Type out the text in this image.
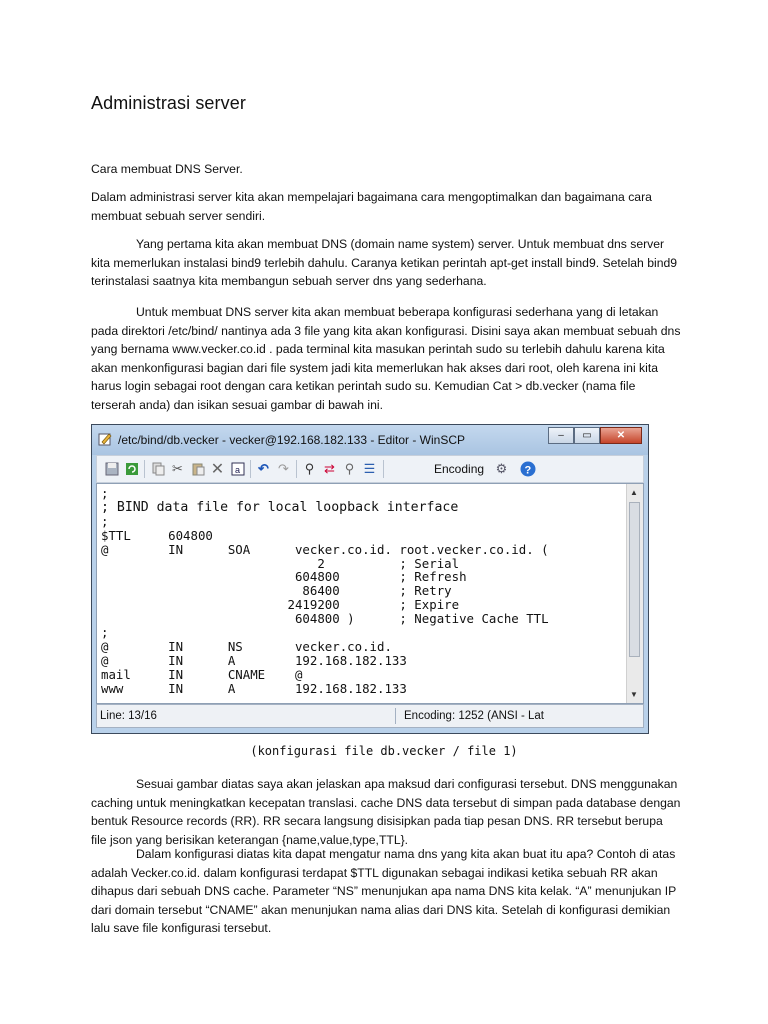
Administrasi server
Cara membuat DNS Server.
Dalam administrasi server kita akan mempelajari bagaimana cara mengoptimalkan dan bagaimana cara membuat sebuah server sendiri.
Yang pertama kita akan membuat DNS (domain name system) server. Untuk membuat dns server kita memerlukan instalasi bind9 terlebih dahulu. Caranya ketikan perintah apt-get install bind9. Setelah bind9 terinstalasi saatnya kita membangun sebuah server dns yang sederhana.
Untuk membuat DNS server kita akan membuat beberapa konfigurasi sederhana yang di letakan pada direktori /etc/bind/ nantinya ada 3 file yang kita akan konfigurasi. Disini saya akan membuat sebuah dns yang bernama www.vecker.co.id . pada terminal kita masukan perintah sudo su terlebih dahulu karena kita akan menkonfigurasi bagian dari file system jadi kita memerlukan hak akses dari root, oleh karena ini kita harus login sebagai root dengan cara ketikan perintah sudo su. Kemudian Cat > db.vecker (nama file terserah anda) dan isikan sesuai gambar di bawah ini.
/etc/bind/db.vecker - vecker@192.168.182.133 - Editor - WinSCP	–	▭	✕
✂ ✕ a ↶ ↷ ⚲ ⇄ ⚲ ☰	Encoding ⚙ ?
;
; BIND data file for local loopback interface
;
$TTL     604800
@        IN      SOA      vecker.co.id. root.vecker.co.id. (
2          ; Serial
604800        ; Refresh
86400        ; Retry
2419200        ; Expire
604800 )      ; Negative Cache TTL
;
@        IN      NS       vecker.co.id.
@        IN      A        192.168.182.133
mail     IN      CNAME    @
www      IN      A        192.168.182.133
▲
▼
Line: 13/16	Encoding: 1252 (ANSI - Lat
(konfigurasi file db.vecker / file 1)
Sesuai gambar diatas saya akan jelaskan apa maksud dari configurasi tersebut. DNS menggunakan caching untuk meningkatkan kecepatan translasi. cache DNS data tersebut di simpan pada database dengan bentuk Resource records (RR). RR secara langsung disisipkan pada tiap pesan DNS. RR tersebut berupa file json yang berisikan keterangan {name,value,type,TTL}.
Dalam konfigurasi diatas kita dapat mengatur nama dns yang kita akan buat itu apa? Contoh di atas adalah Vecker.co.id. dalam konfigurasi terdapat $TTL digunakan sebagai indikasi ketika sebuah RR akan dihapus dari sebuah DNS cache. Parameter “NS” menunjukan apa nama DNS kita kelak. “A” menunjukan IP dari domain tersebut “CNAME” akan menunjukan nama alias dari DNS kita. Setelah di konfigurasi demikian lalu save file konfigurasi tersebut.
